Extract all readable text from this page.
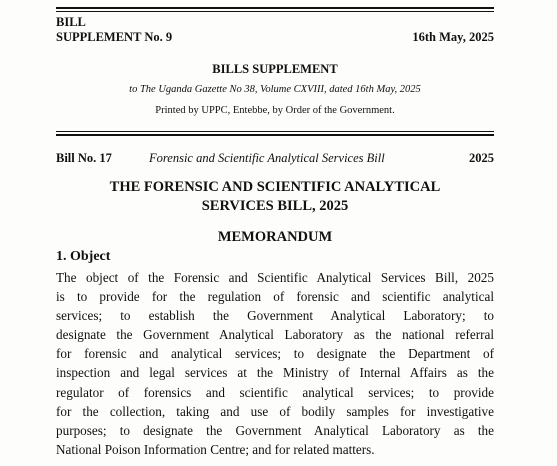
BILL
SUPPLEMENT No. 9	16th May, 2025
BILLS SUPPLEMENT
to The Uganda Gazette No 38, Volume CXVIII, dated 16th May, 2025
Printed by UPPC, Entebbe, by Order of the Government.
Bill No. 17	Forensic and Scientific Analytical Services Bill	2025
THE FORENSIC AND SCIENTIFIC ANALYTICAL
SERVICES BILL, 2025
MEMORANDUM
1. Object
The object of the Forensic and Scientific Analytical Services Bill, 2025
is to provide for the regulation of forensic and scientific analytical
services; to establish the Government Analytical Laboratory; to
designate the Government Analytical Laboratory as the national referral
for forensic and analytical services; to designate the Department of
inspection and legal services at the Ministry of Internal Affairs as the
regulator of forensics and scientific analytical services; to provide
for the collection, taking and use of bodily samples for investigative
purposes; to designate the Government Analytical Laboratory as the
National Poison Information Centre; and for related matters.
